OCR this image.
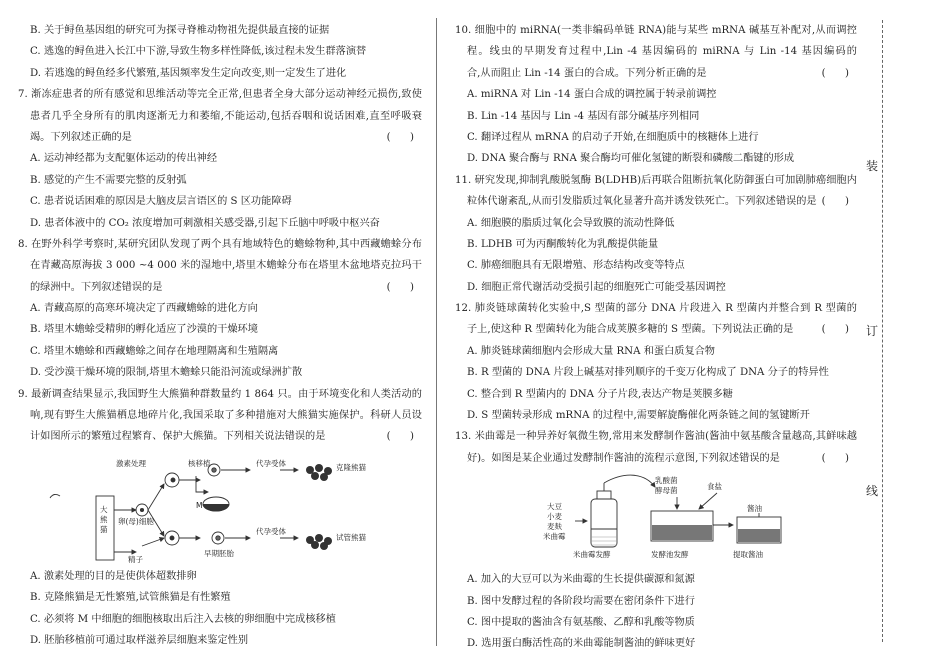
装
订
线
B. 关于鲟鱼基因组的研究可为探寻脊椎动物祖先提供最直接的证据
C. 逃逸的鲟鱼进入长江中下游,导致生物多样性降低,该过程未发生群落演替
D. 若逃逸的鲟鱼经多代繁殖,基因频率发生定向改变,则一定发生了进化
7. 渐冻症患者的所有感觉和思维活动等完全正常,但患者全身大部分运动神经元损伤,致使
患者几乎全身所有的肌肉逐渐无力和萎缩,不能运动,包括吞咽和说话困难,直至呼吸衰
竭。下列叙述正确的是	(      )
A. 运动神经都为支配躯体运动的传出神经
B. 感觉的产生不需要完整的反射弧
C. 患者说话困难的原因是大脑皮层言语区的 S 区功能障碍
D. 患者体液中的 CO₂ 浓度增加可刺激相关感受器,引起下丘脑中呼吸中枢兴奋
8. 在野外科学考察时,某研究团队发现了两个具有地域特色的蟾蜍物种,其中西藏蟾蜍分布
在青藏高原海拔 3 000 ~4 000 米的湿地中,塔里木蟾蜍分布在塔里木盆地塔克拉玛干
的绿洲中。下列叙述错误的是	(      )
A. 青藏高原的高寒环境决定了西藏蟾蜍的进化方向
B. 塔里木蟾蜍受精卵的孵化适应了沙漠的干燥环境
C. 塔里木蟾蜍和西藏蟾蜍之间存在地理隔离和生殖隔离
D. 受沙漠干燥环境的限制,塔里木蟾蜍只能沿河流或绿洲扩散
9. 最新调查结果显示,我国野生大熊猫种群数量约 1 864 只。由于环境变化和人类活动的
响,现有野生大熊猫栖息地碎片化,我国采取了多种措施对大熊猫实施保护。科研人员设
计如图所示的繁殖过程繁育、保护大熊猫。下列相关说法错误的是	(      )
大熊猫
激素处理
卵(母)细胞
精子
核移植
M
早期胚胎
代孕受体
代孕受体
克隆熊猫
试管熊猫
A. 激素处理的目的是使供体超数排卵
B. 克隆熊猫是无性繁殖,试管熊猫是有性繁殖
C. 必须将 M 中细胞的细胞核取出后注入去核的卵细胞中完成核移植
D. 胚胎移植前可通过取样滋养层细胞来鉴定性别
10. 细胞中的 miRNA(一类非编码单链 RNA)能与某些 mRNA 碱基互补配对,从而调控
程。线虫的早期发育过程中,Lin -4 基因编码的 miRNA 与 Lin -14 基因编码的
合,从而阻止 Lin -14 蛋白的合成。下列分析正确的是	(      )
A. miRNA 对 Lin -14 蛋白合成的调控属于转录前调控
B. Lin -14 基因与 Lin -4 基因有部分碱基序列相同
C. 翻译过程从 mRNA 的启动子开始,在细胞质中的核糖体上进行
D. DNA 聚合酶与 RNA 聚合酶均可催化氢键的断裂和磷酸二酯键的形成
11. 研究发现,抑制乳酸脱氢酶 B(LDHB)后再联合阻断抗氧化防御蛋白可加剧肺癌细胞内
粒体代谢紊乱,从而引发脂质过氧化显著升高并诱发铁死亡。下列叙述错误的是 (      )
A. 细胞膜的脂质过氧化会导致膜的流动性降低
B. LDHB 可为丙酮酸转化为乳酸提供能量
C. 肺癌细胞具有无限增殖、形态结构改变等特点
D. 细胞正常代谢活动受损引起的细胞死亡可能受基因调控
12. 肺炎链球菌转化实验中,S 型菌的部分 DNA 片段进入 R 型菌内并整合到 R 型菌的
子上,使这种 R 型菌转化为能合成荚膜多糖的 S 型菌。下列说法正确的是	(      )
A. 肺炎链球菌细胞内会形成大量 RNA 和蛋白质复合物
B. R 型菌的 DNA 片段上碱基对排列顺序的千变万化构成了 DNA 分子的特异性
C. 整合到 R 型菌内的 DNA 分子片段,表达产物是荚膜多糖
D. S 型菌转录形成 mRNA 的过程中,需要解旋酶催化两条链之间的氢键断开
13. 米曲霉是一种异养好氧微生物,常用来发酵制作酱油(酱油中氨基酸含量越高,其鲜味越
好)。如图是某企业通过发酵制作酱油的流程示意图,下列叙述错误的是	(      )
大豆
小麦
麦麸
米曲霉
乳酸菌
酵母菌	食盐
酱油
米曲霉发酵	发酵池发酵	提取酱油
A. 加入的大豆可以为米曲霉的生长提供碳源和氮源
B. 图中发酵过程的各阶段均需要在密闭条件下进行
C. 图中提取的酱油含有氨基酸、乙醇和乳酸等物质
D. 选用蛋白酶活性高的米曲霉能制酱油的鲜味更好
